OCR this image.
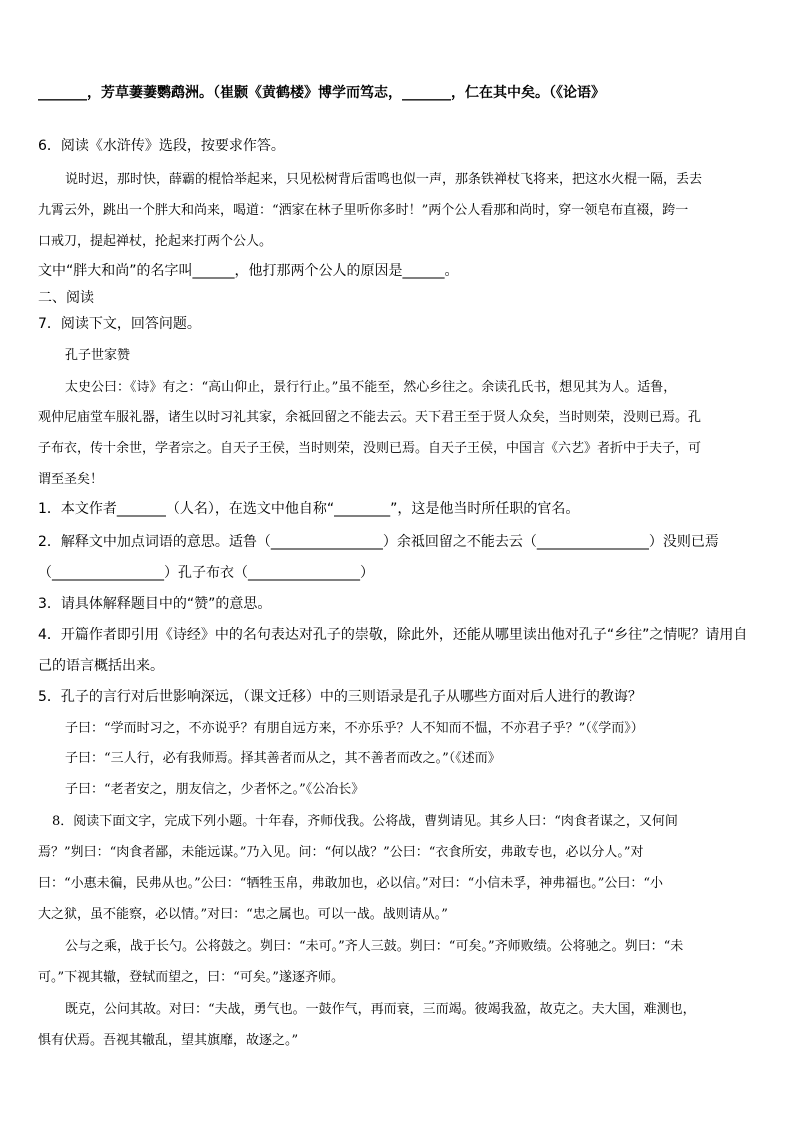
_______，芳草萋萋鹦鹉洲。（崔颢《黄鹤楼》博学而笃志，_______，仁在其中矣。（《论语》
6．阅读《水浒传》选段，按要求作答。
说时迟，那时快，薛霸的棍恰举起来，只见松树背后雷鸣也似一声，那条铁禅杖飞将来，把这水火棍一隔，丢去
九霄云外，跳出一个胖大和尚来，喝道：“洒家在林子里听你多时！”两个公人看那和尚时，穿一领皂布直裰，跨一
口戒刀，提起禅杖，抡起来打两个公人。
文中“胖大和尚”的名字叫______，他打那两个公人的原因是______。
二、阅读
7．阅读下文，回答问题。
孔子世家赞
太史公曰：《诗》有之：“高山仰止，景行行止。”虽不能至，然心乡往之。余读孔氏书，想见其为人。适鲁，
观仲尼庙堂车服礼器，诸生以时习礼其家，余祗回留之不能去云。天下君王至于贤人众矣，当时则荣，没则已焉。孔
子布衣，传十余世，学者宗之。自天子王侯，当时则荣，没则已焉。自天子王侯，中国言《六艺》者折中于夫子，可
谓至圣矣！
1．本文作者_______（人名），在选文中他自称“________”，这是他当时所任职的官名。
2．解释文中加点词语的意思。适鲁（________________）余祗回留之不能去云（________________）没则已焉
（________________）孔子布衣（________________）
3．请具体解释题目中的“赞”的意思。
4．开篇作者即引用《诗经》中的名句表达对孔子的崇敬，除此外，还能从哪里读出他对孔子“乡往”之情呢？请用自
己的语言概括出来。
5．孔子的言行对后世影响深远，（课文迁移）中的三则语录是孔子从哪些方面对后人进行的教诲？
子曰：“学而时习之，不亦说乎？有朋自远方来，不亦乐乎？人不知而不愠，不亦君子乎？”（《学而》）
子曰：“三人行，必有我师焉。择其善者而从之，其不善者而改之。”（《述而》
子曰：“老者安之，朋友信之，少者怀之。”《公冶长》
8．阅读下面文字，完成下列小题。十年春，齐师伐我。公将战，曹刿请见。其乡人曰：“肉食者谋之，又何间
焉？”刿曰：“肉食者鄙，未能远谋。”乃入见。问：“何以战？”公曰：“衣食所安，弗敢专也，必以分人。”对
曰：“小惠未徧，民弗从也。”公曰：“牺牲玉帛，弗敢加也，必以信。”对曰：“小信未孚，神弗福也。”公曰：“小
大之狱，虽不能察，必以情。”对曰：“忠之属也。可以一战。战则请从。”
公与之乘，战于长勺。公将鼓之。刿曰：“未可。”齐人三鼓。刿曰：“可矣。”齐师败绩。公将驰之。刿曰：“未
可。”下视其辙，登轼而望之，曰：“可矣。”遂逐齐师。
既克，公问其故。对曰：“夫战，勇气也。一鼓作气，再而衰，三而竭。彼竭我盈，故克之。夫大国，难测也，
惧有伏焉。吾视其辙乱，望其旗靡，故逐之。”
